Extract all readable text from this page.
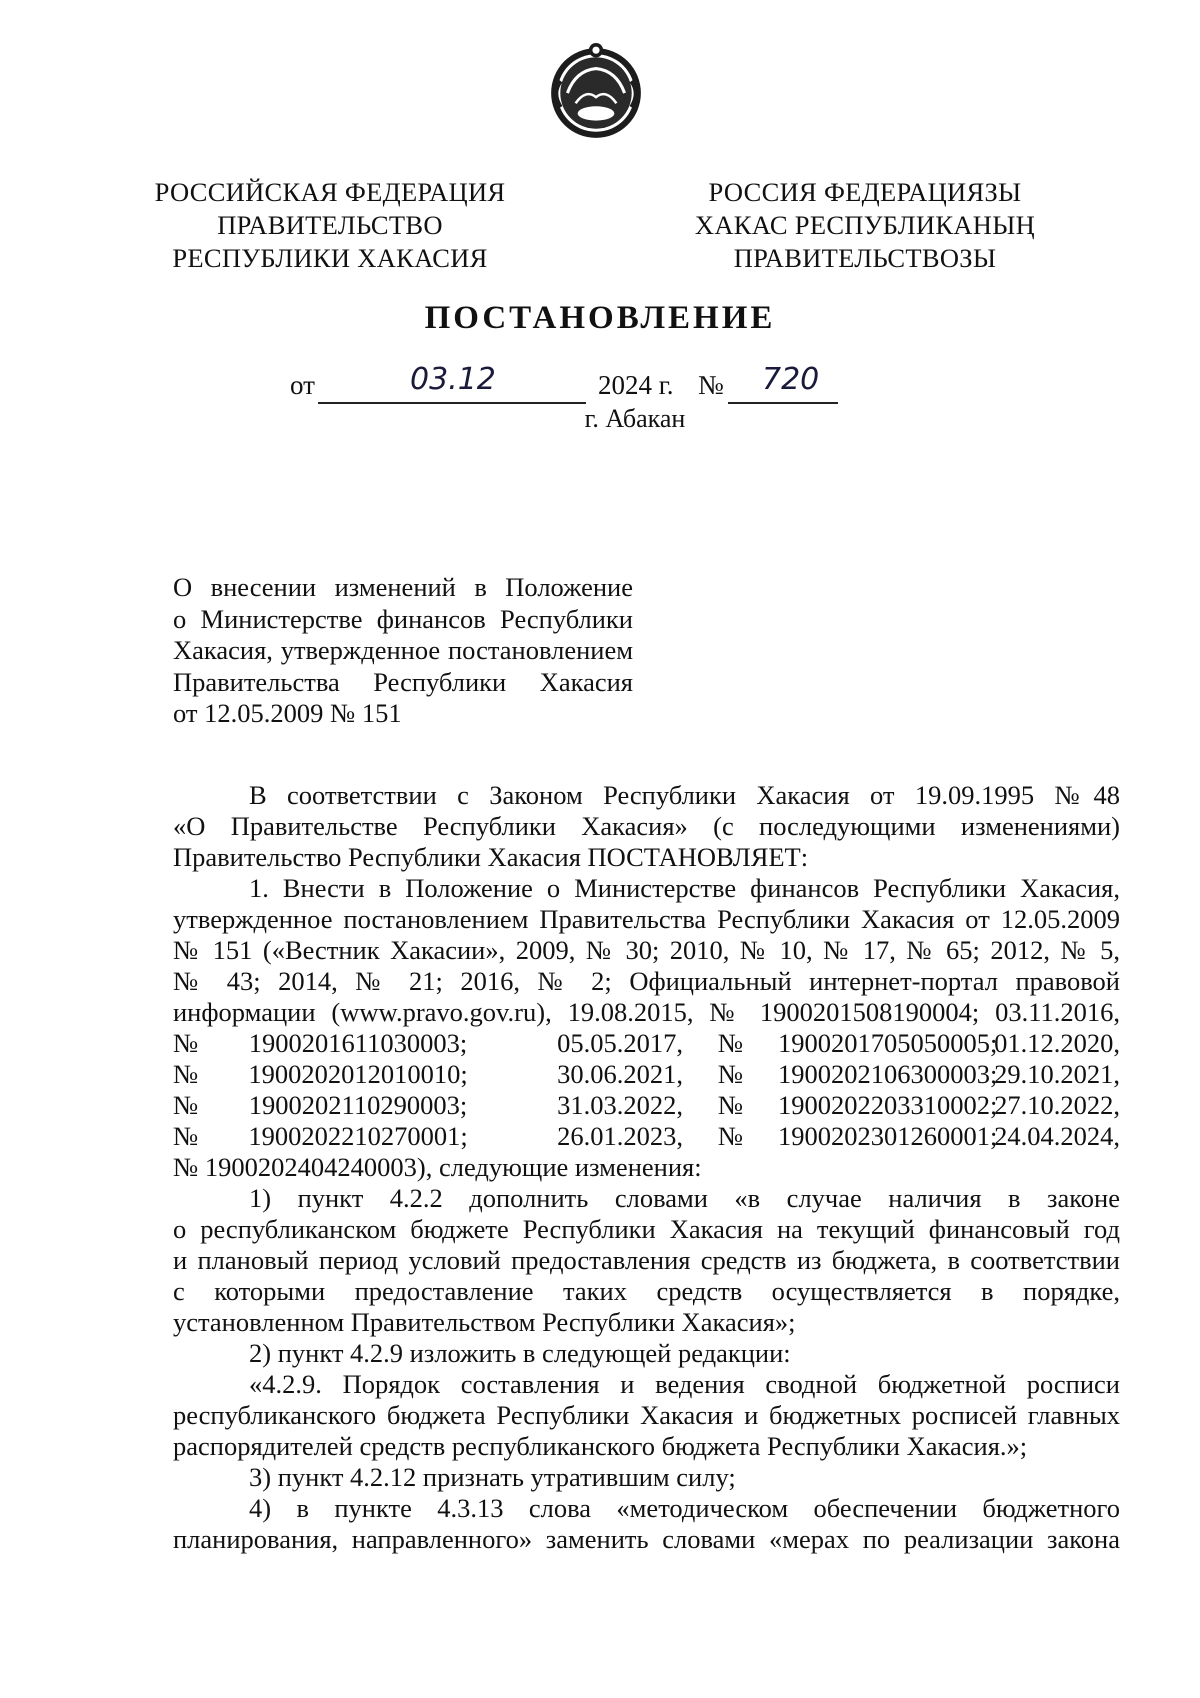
РОССИЙСКАЯ ФЕДЕРАЦИЯ
ПРАВИТЕЛЬСТВО
РЕСПУБЛИКИ ХАКАСИЯ
РОССИЯ ФЕДЕРАЦИЯЗЫ
ХАКАС РЕСПУБЛИКАНЫҢ
ПРАВИТЕЛЬСТВОЗЫ
ПОСТАНОВЛЕНИЕ
от	03.12	2024 г. № 720
г. Абакан
О внесении изменений в Положение
о Министерстве финансов Республики
Хакасия, утвержденное постановлением
Правительства Республики Хакасия
от 12.05.2009 № 151
В соответствии с Законом Республики Хакасия от 19.09.1995 №48
«О Правительстве Республики Хакасия» (с последующими изменениями)
Правительство Республики Хакасия ПОСТАНОВЛЯЕТ:
1. Внести в Положение о Министерстве финансов Республики Хакасия,
утвержденное постановлением Правительства Республики Хакасия от 12.05.2009
№ 151 («Вестник Хакасии», 2009, № 30; 2010, № 10, № 17, № 65; 2012, № 5,
№ 43; 2014, № 21; 2016, № 2; Официальный интернет-портал правовой
информации (www.pravo.gov.ru), 19.08.2015, № 1900201508190004; 03.11.2016,
№	1900201611030003;	05.05.2017,	№	1900201705050005;
01.12.2020,
№	1900202012010010;	30.06.2021,	№	1900202106300003;
29.10.2021,
№	1900202110290003;	31.03.2022,	№	1900202203310002;
27.10.2022,
№	1900202210270001;	26.01.2023,	№	1900202301260001;
24.04.2024,
№ 1900202404240003), следующие изменения:
1) пункт 4.2.2 дополнить словами «в случае наличия в законе
о республиканском бюджете Республики Хакасия на текущий финансовый год
и плановый период условий предоставления средств из бюджета, в соответствии
с которыми предоставление таких средств осуществляется в порядке,
установленном Правительством Республики Хакасия»;
2) пункт 4.2.9 изложить в следующей редакции:
«4.2.9. Порядок составления и ведения сводной бюджетной росписи
республиканского бюджета Республики Хакасия и бюджетных росписей главных
распорядителей средств республиканского бюджета Республики Хакасия.»;
3) пункт 4.2.12 признать утратившим силу;
4) в пункте 4.3.13 слова «методическом обеспечении бюджетного
планирования, направленного» заменить словами «мерах по реализации закона
